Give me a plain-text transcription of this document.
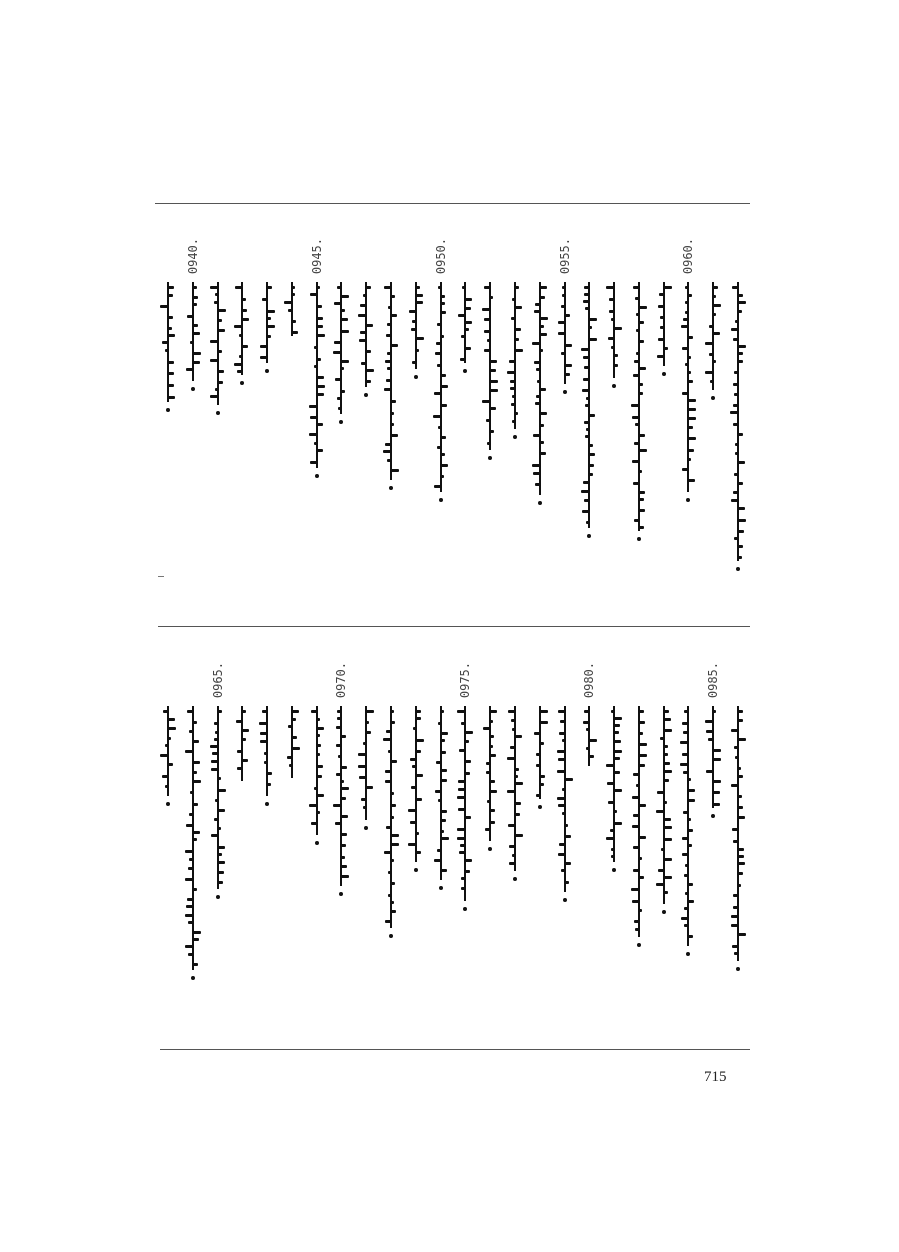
0960.
0955.
0950.
0945.
0940.
0985.
0980.
0975.
0970.
0965.
715
